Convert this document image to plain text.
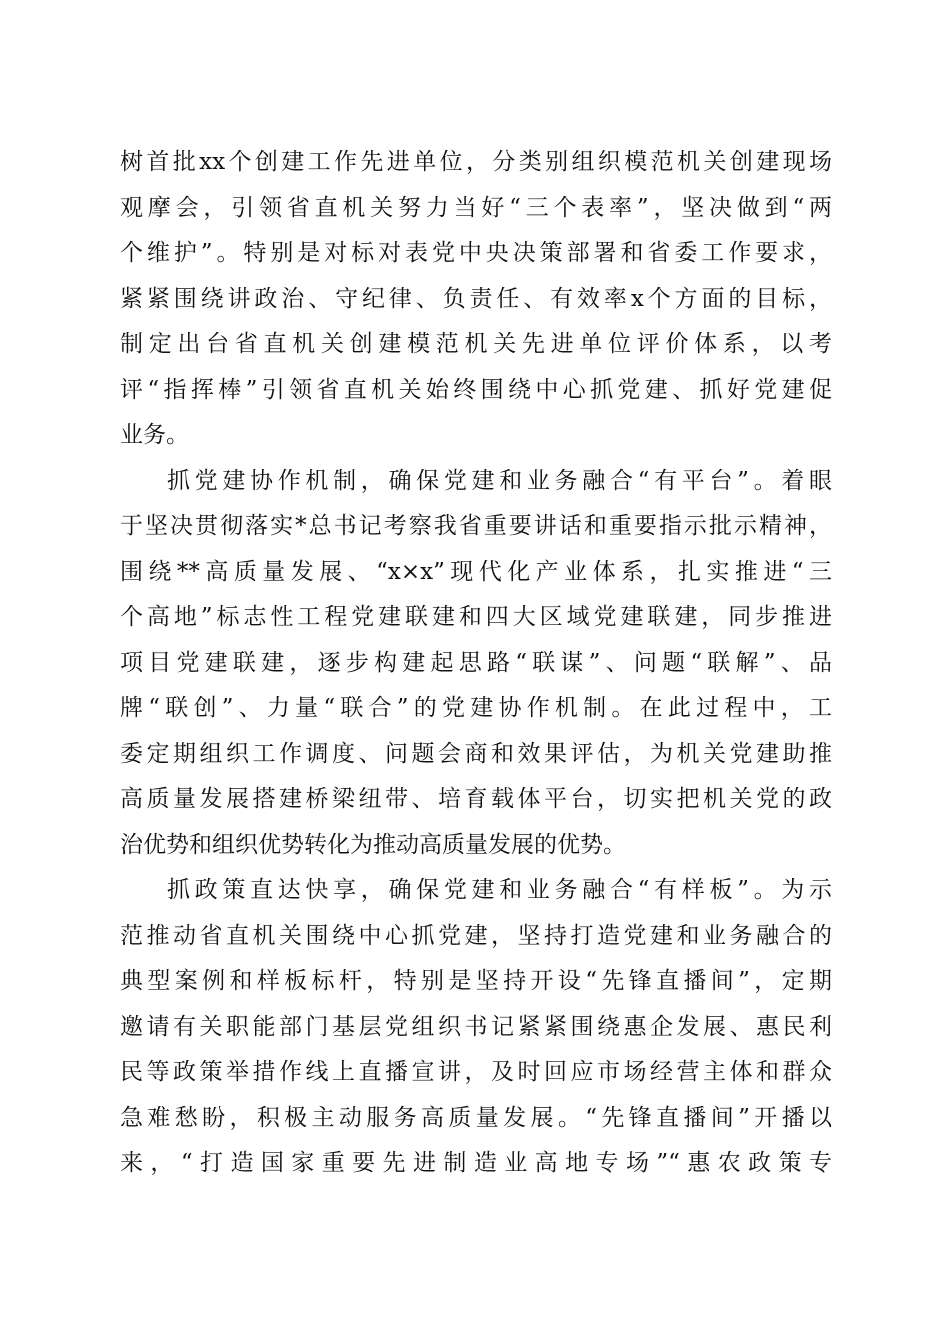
树首批xx个创建工作先进单位，分类别组织模范机关创建现场
观摩会，引领省直机关努力当好“三个表率”，坚决做到“两
个维护”。特别是对标对表党中央决策部署和省委工作要求，
紧紧围绕讲政治、守纪律、负责任、有效率x个方面的目标，
制定出台省直机关创建模范机关先进单位评价体系，以考
评“指挥棒”引领省直机关始终围绕中心抓党建、抓好党建促
业务。
抓党建协作机制，确保党建和业务融合“有平台”。着眼
于坚决贯彻落实*总书记考察我省重要讲话和重要指示批示精神，
围绕**高质量发展、“x×x”现代化产业体系，扎实推进“三
个高地”标志性工程党建联建和四大区域党建联建，同步推进
项目党建联建，逐步构建起思路“联谋”、问题“联解”、品
牌“联创”、力量“联合”的党建协作机制。在此过程中，工
委定期组织工作调度、问题会商和效果评估，为机关党建助推
高质量发展搭建桥梁纽带、培育载体平台，切实把机关党的政
治优势和组织优势转化为推动高质量发展的优势。
抓政策直达快享，确保党建和业务融合“有样板”。为示
范推动省直机关围绕中心抓党建，坚持打造党建和业务融合的
典型案例和样板标杆，特别是坚持开设“先锋直播间”，定期
邀请有关职能部门基层党组织书记紧紧围绕惠企发展、惠民利
民等政策举措作线上直播宣讲，及时回应市场经营主体和群众
急难愁盼，积极主动服务高质量发展。“先锋直播间”开播以
来，“打造国家重要先进制造业高地专场”“惠农政策专
